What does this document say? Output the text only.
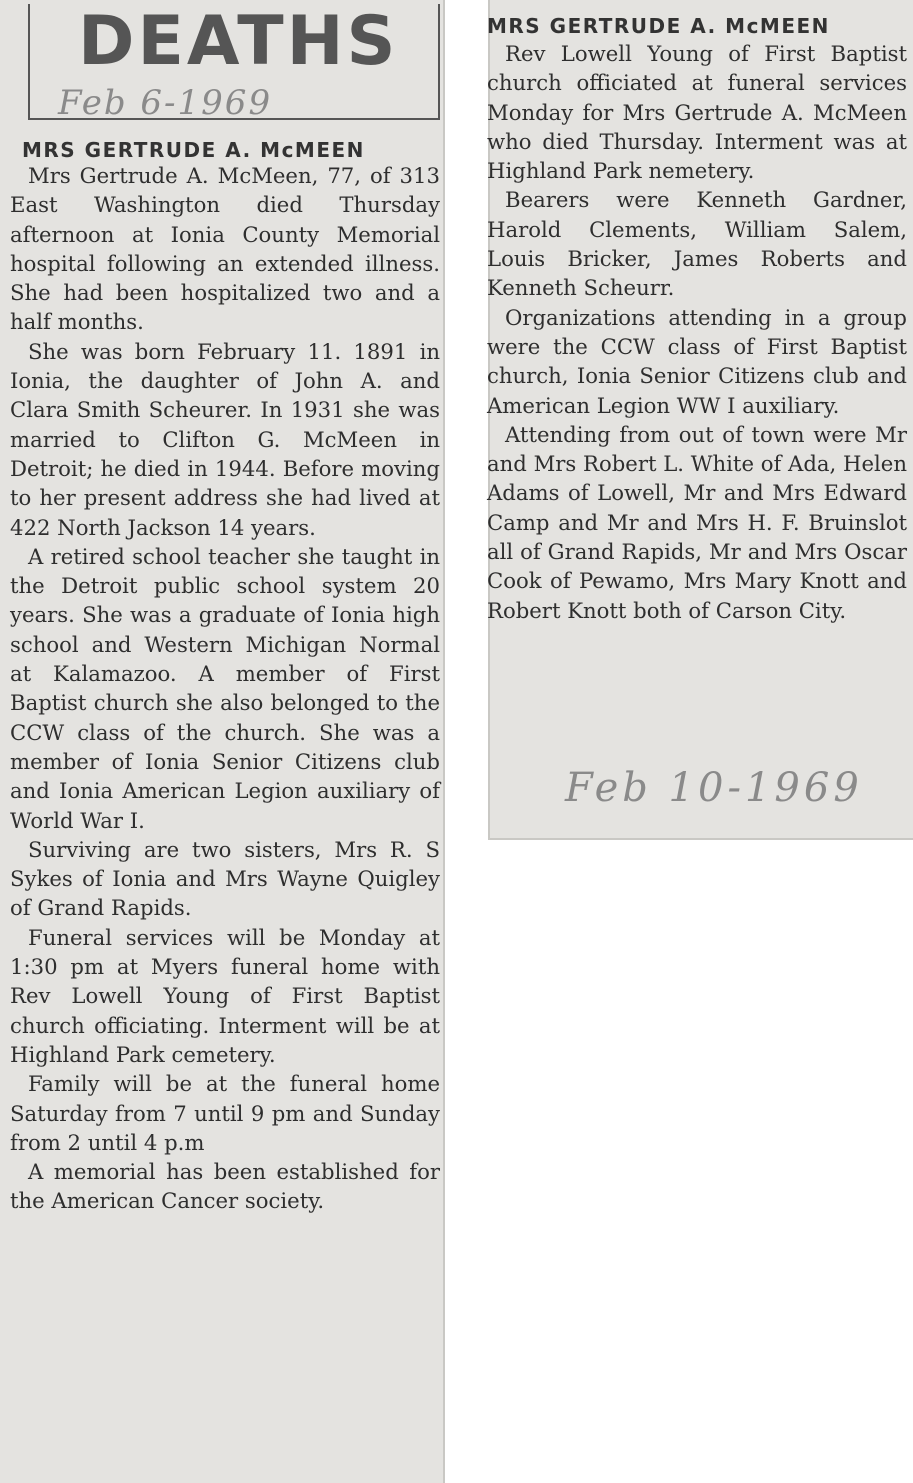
DEATHS
Feb 6-1969
MRS GERTRUDE A. McMEEN

Mrs Gertrude A. McMeen, 77, of 313 East Washington died Thursday afternoon at Ionia County Memorial hospital following an extended illness. She had been hospitalized two and a half months.

She was born February 11. 1891 in Ionia, the daughter of John A. and Clara Smith Scheurer. In 1931 she was married to Clifton G. McMeen in Detroit; he died in 1944. Before moving to her present address she had lived at 422 North Jackson 14 years.

A retired school teacher she taught in the Detroit public school system 20 years. She was a graduate of Ionia high school and Western Michigan Normal at Kalamazoo. A member of First Baptist church she also belonged to the CCW class of the church. She was a member of Ionia Senior Citizens club and Ionia American Legion auxiliary of World War I.

Surviving are two sisters, Mrs R. S Sykes of Ionia and Mrs Wayne Quigley of Grand Rapids.

Funeral services will be Monday at 1:30 pm at Myers funeral home with Rev Lowell Young of First Baptist church officiating. Interment will be at Highland Park cemetery.

Family will be at the funeral home Saturday from 7 until 9 pm and Sunday from 2 until 4 p.m

A memorial has been established for the American Cancer society.

MRS GERTRUDE A. McMEEN

Rev Lowell Young of First Baptist church officiated at funeral services Monday for Mrs Gertrude A. McMeen who died Thursday. Interment was at Highland Park nemetery.

Bearers were Kenneth Gardner, Harold Clements, William Salem, Louis Bricker, James Roberts and Kenneth Scheurr.

Organizations attending in a group were the CCW class of First Baptist church, Ionia Senior Citizens club and American Legion WW I auxiliary.

Attending from out of town were Mr and Mrs Robert L. White of Ada, Helen Adams of Lowell, Mr and Mrs Edward Camp and Mr and Mrs H. F. Bruinslot all of Grand Rapids, Mr and Mrs Oscar Cook of Pewamo, Mrs Mary Knott and Robert Knott both of Carson City.

Feb 10-1969
